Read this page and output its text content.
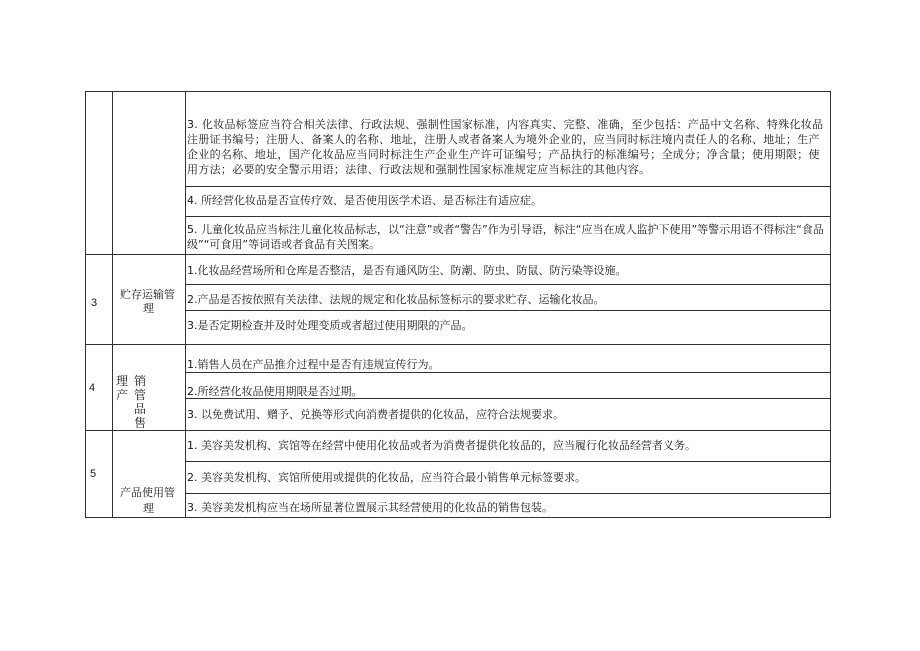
3. 化妆品标签应当符合相关法律、行政法规、强制性国家标准，内容真实、完整、准确，至少包括：产品中文名称、特殊化妆品注册证书编号；注册人、备案人的名称、地址，注册人或者备案人为境外企业的，应当同时标注境内责任人的名称、地址；生产企业的名称、地址，国产化妆品应当同时标注生产企业生产许可证编号；产品执行的标准编号；全成分；净含量；使用期限；使用方法；必要的安全警示用语；法律、行政法规和强制性国家标准规定应当标注的其他内容。
4. 所经营化妆品是否宣传疗效、是否使用医学术语、是否标注有适应症。
5. 儿童化妆品应当标注儿童化妆品标志，以“注意”或者“警告”作为引导语，标注“应当在成人监护下使用”等警示用语不得标注“食品级”“可食用”等词语或者食品有关图案。
3
贮存运输管
理
1.化妆品经营场所和仓库是否整洁，是否有通风防尘、防潮、防虫、防鼠、防污染等设施。
2.产品是否按依照有关法律、法规的规定和化妆品标签标示的要求贮存、运输化妆品。
3.是否定期检查并及时处理变质或者超过使用期限的产品。
4 理 销
产 管
品
售
1.销售人员在产品推介过程中是否有违规宣传行为。
2.所经营化妆品使用期限是否过期。
3. 以免费试用、赠予、兑换等形式向消费者提供的化妆品，应符合法规要求。
5
产品使用管
理
1. 美容美发机构、宾馆等在经营中使用化妆品或者为消费者提供化妆品的，应当履行化妆品经营者义务。
2. 美容美发机构、宾馆所使用或提供的化妆品，应当符合最小销售单元标签要求。
3. 美容美发机构应当在场所显著位置展示其经营使用的化妆品的销售包装。
